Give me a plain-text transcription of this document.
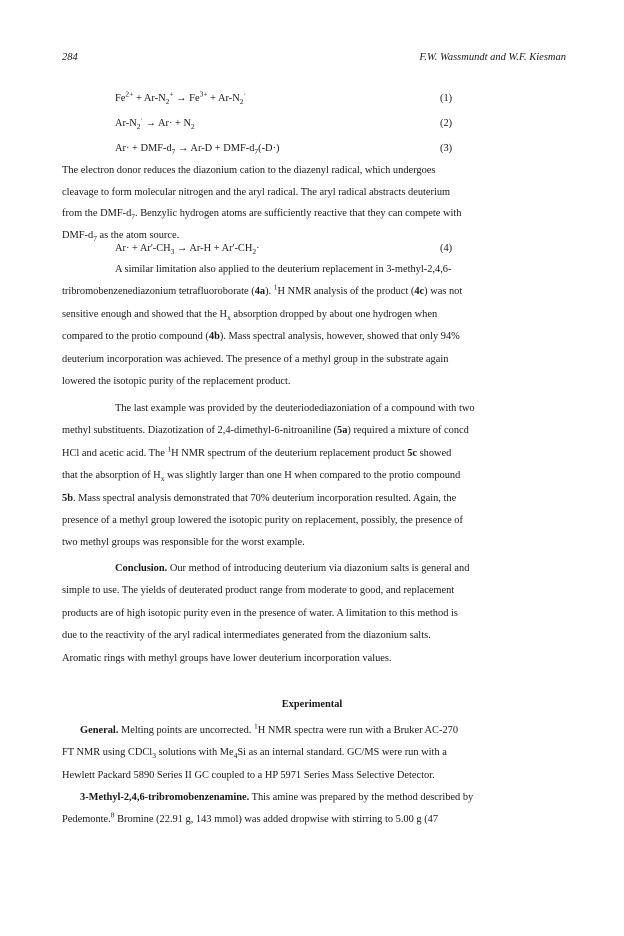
284	F.W. Wassmundt and W.F. Kiesman
$Fe^{2+} + Ar-N_2^+ \to Fe^{3+} + Ar-N_2^\cdot$	(1)
$Ar-N_2^\cdot \to Ar\cdot + N_2$	(2)
Ar· + DMF-$d_7 \to Ar-D + DMF-d_7(-D\cdot)$	(3)
The electron donor reduces the diazonium cation to the diazenyl radical, which undergoes
cleavage to form molecular nitrogen and the aryl radical. The aryl radical abstracts deuterium
from the DMF-$d_7$. Benzylic hydrogen atoms are sufficiently reactive that they can compete with
DMF-$d_7$ as the atom source.
$Ar\cdot + Ar'-CH_3 \to Ar-H + Ar'-CH_2\cdot$	(4)
A similar limitation also applied to the deuterium replacement in 3-methyl-2,4,6-
tribromobenzenediazonium tetrafluoroborate (4a). $^1$H NMR analysis of the product (4c) was not
sensitive enough and showed that the $H_x$ absorption dropped by about one hydrogen when
compared to the protio compound (4b). Mass spectral analysis, however, showed that only 94%
deuterium incorporation was achieved. The presence of a methyl group in the substrate again
lowered the isotopic purity of the replacement product.
The last example was provided by the deuteriodediazoniation of a compound with two
methyl substituents. Diazotization of 2,4-dimethyl-6-nitroaniline (5a) required a mixture of concd
HCl and acetic acid. The $^1$H NMR spectrum of the deuterium replacement product 5c showed
that the absorption of $H_x$ was slightly larger than one H when compared to the protio compound
5b. Mass spectral analysis demonstrated that 70% deuterium incorporation resulted. Again, the
presence of a methyl group lowered the isotopic purity on replacement, possibly, the presence of
two methyl groups was responsible for the worst example.
Conclusion. Our method of introducing deuterium via diazonium salts is general and
simple to use. The yields of deuterated product range from moderate to good, and replacement
products are of high isotopic purity even in the presence of water. A limitation to this method is
due to the reactivity of the aryl radical intermediates generated from the diazonium salts.
Aromatic rings with methyl groups have lower deuterium incorporation values.
Experimental
General. Melting points are uncorrected. $^1$H NMR spectra were run with a Bruker AC-270
FT NMR using CDCl$_3$ solutions with $Me_4Si$ as an internal standard. GC/MS were run with a
Hewlett Packard 5890 Series II GC coupled to a HP 5971 Series Mass Selective Detector.
3-Methyl-2,4,6-tribromobenzenamine. This amine was prepared by the method described by
Pedemonte.$^8$ Bromine (22.91 g, 143 mmol) was added dropwise with stirring to 5.00 g (47
